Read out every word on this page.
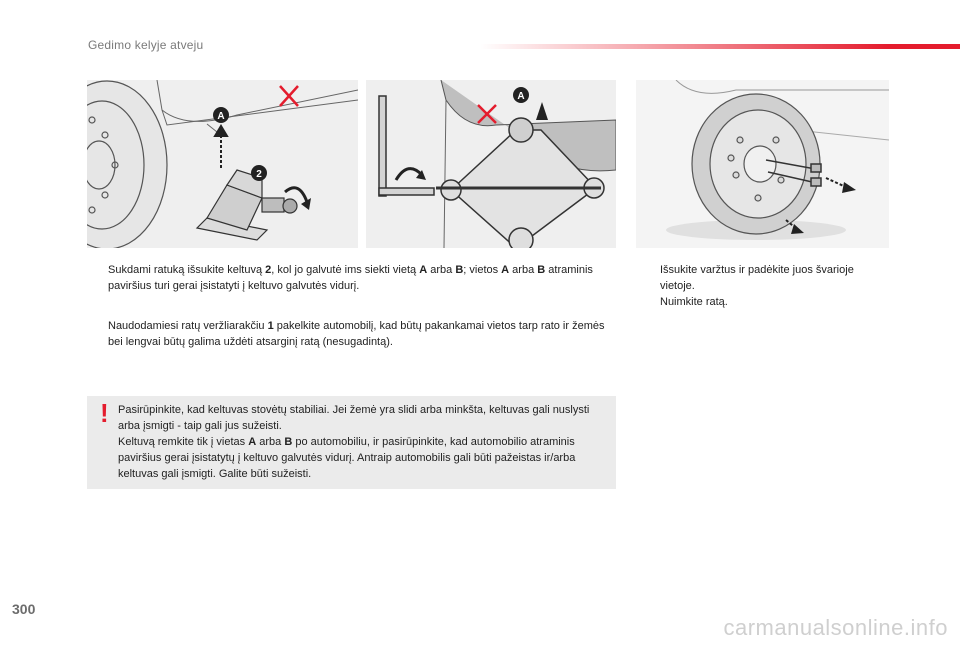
Gedimo kelyje atveju
A
2
A
Sukdami ratuką išsukite keltuvą 2, kol jo galvutė ims siekti vietą A arba B; vietos A arba B atraminis paviršius turi gerai įsistatyti į keltuvo galvutės vidurį.
Naudodamiesi ratų veržliarakčiu 1 pakelkite automobilį, kad būtų pakankamai vietos tarp rato ir žemės bei lengvai būtų galima uždėti atsarginį ratą (nesugadintą).
Išsukite varžtus ir padėkite juos švarioje vietoje.
Nuimkite ratą.
! Pasirūpinkite, kad keltuvas stovėtų stabiliai. Jei žemė yra slidi arba minkšta, keltuvas gali nuslysti arba įsmigti - taip gali jus sužeisti.
Keltuvą remkite tik į vietas A arba B po automobiliu, ir pasirūpinkite, kad automobilio atraminis paviršius gerai įsistatytų į keltuvo galvutės vidurį. Antraip automobilis gali būti pažeistas ir/arba keltuvas gali įsmigti. Galite būti sužeisti.
300
carmanualsonline.info
